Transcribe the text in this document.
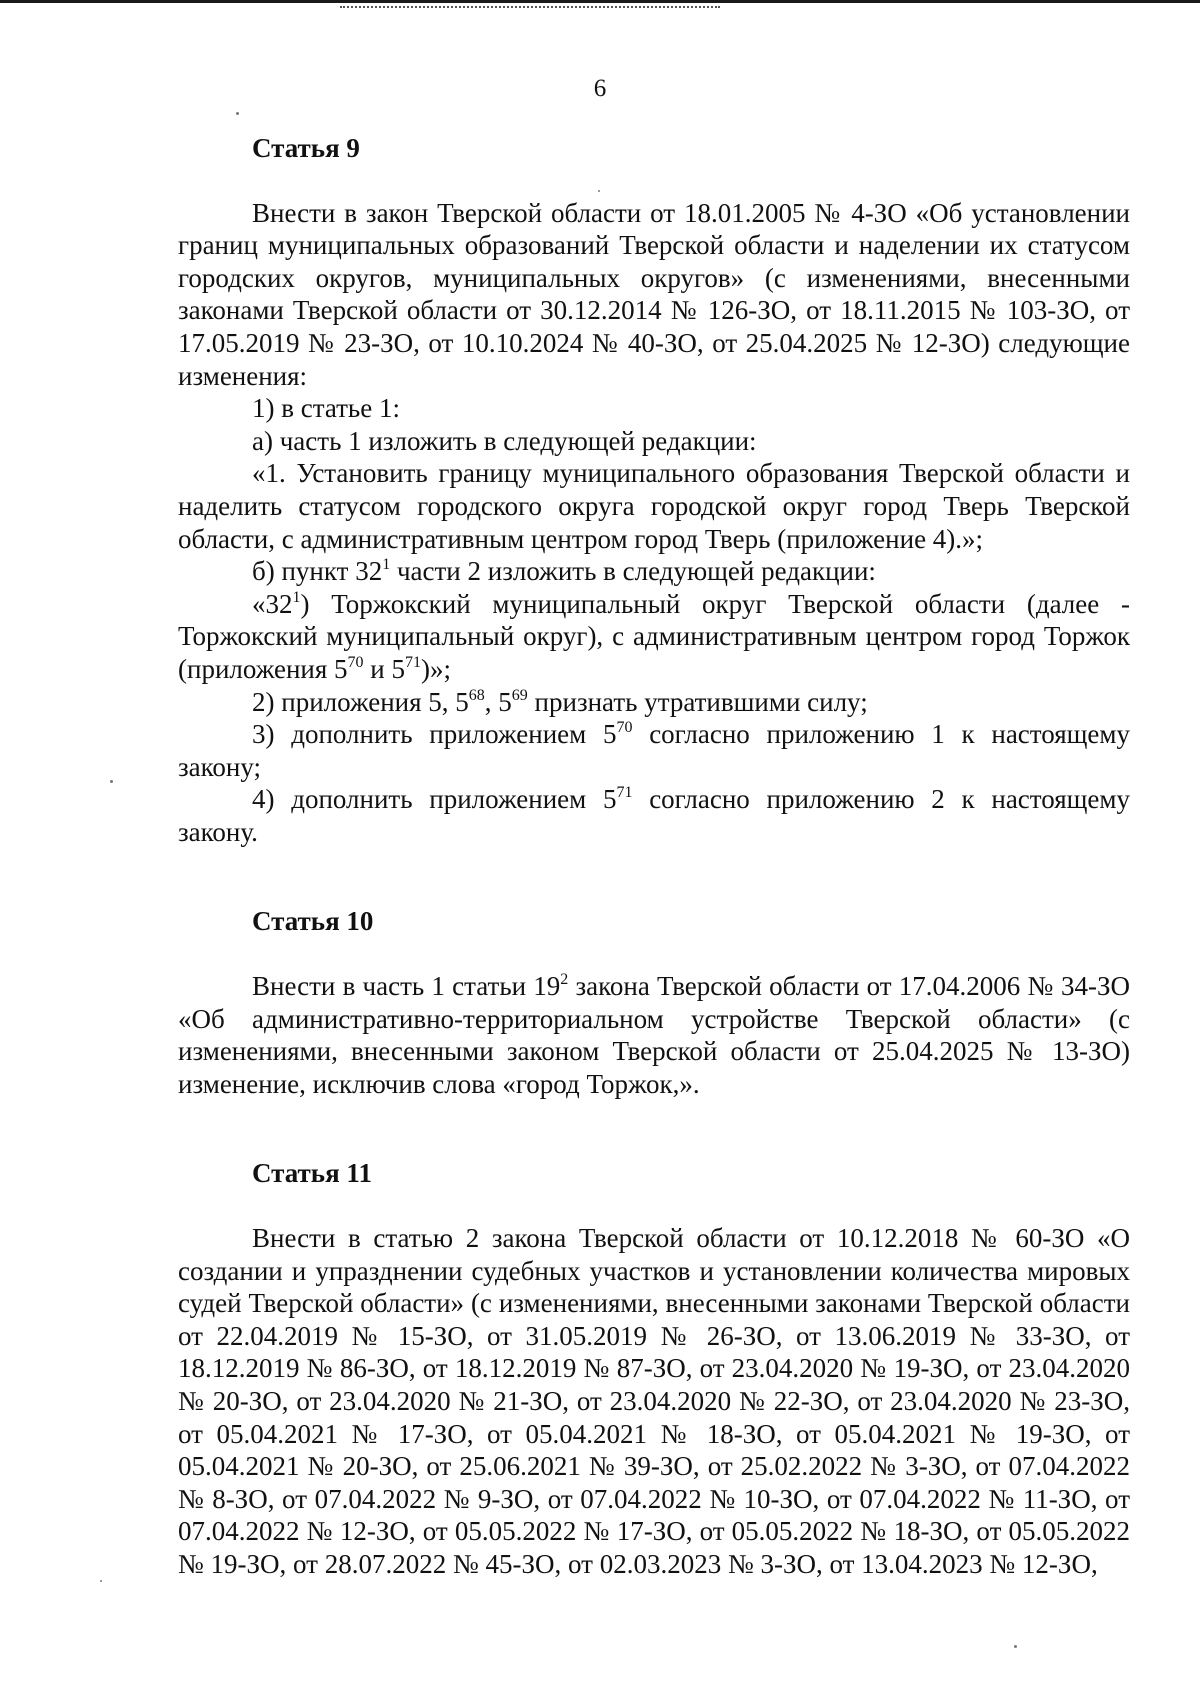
6

Статья 9

Внести в закон Тверской области от 18.01.2005 № 4-ЗО «Об установлении границ муниципальных образований Тверской области и наделении их статусом городских округов, муниципальных округов» (с изменениями, внесенными законами Тверской области от 30.12.2014 № 126-ЗО, от 18.11.2015 № 103-ЗО, от 17.05.2019 № 23-ЗО, от 10.10.2024 № 40-ЗО, от 25.04.2025 № 12-ЗО) следующие изменения:

1) в статье 1:

а) часть 1 изложить в следующей редакции:

«1. Установить границу муниципального образования Тверской области и наделить статусом городского округа городской округ город Тверь Тверской области, с административным центром город Тверь (приложение 4).»;

б) пункт $32^1$ части 2 изложить в следующей редакции:

«$32^1$) Торжокский муниципальный округ Тверской области (далее - Торжокский муниципальный округ), с административным центром город Торжок (приложения $5^{70}$ и $5^{71}$)»;

2) приложения 5, $5^{68}$, $5^{69}$ признать утратившими силу;

3) дополнить приложением $5^{70}$ согласно приложению 1 к настоящему закону;

4) дополнить приложением $5^{71}$ согласно приложению 2 к настоящему закону.

Статья 10

Внести в часть 1 статьи $19^2$ закона Тверской области от 17.04.2006 № 34-ЗО «Об административно-территориальном устройстве Тверской области» (с изменениями, внесенными законом Тверской области от 25.04.2025 № 13-ЗО) изменение, исключив слова «город Торжок,».

Статья 11

Внести в статью 2 закона Тверской области от 10.12.2018 № 60-ЗО «О создании и упразднении судебных участков и установлении количества мировых судей Тверской области» (с изменениями, внесенными законами Тверской области от 22.04.2019 № 15-ЗО, от 31.05.2019 № 26-ЗО, от 13.06.2019 № 33-ЗО, от 18.12.2019 № 86-ЗО, от 18.12.2019 № 87-ЗО, от 23.04.2020 № 19-ЗО, от 23.04.2020 № 20-ЗО, от 23.04.2020 № 21-ЗО, от 23.04.2020 № 22-ЗО, от 23.04.2020 № 23-ЗО, от 05.04.2021 № 17-ЗО, от 05.04.2021 № 18-ЗО, от 05.04.2021 № 19-ЗО, от 05.04.2021 № 20-ЗО, от 25.06.2021 № 39-ЗО, от 25.02.2022 № 3-ЗО, от 07.04.2022 № 8-ЗО, от 07.04.2022 № 9-ЗО, от 07.04.2022 № 10-ЗО, от 07.04.2022 № 11-ЗО, от 07.04.2022 № 12-ЗО, от 05.05.2022 № 17-ЗО, от 05.05.2022 № 18-ЗО, от 05.05.2022 № 19-ЗО, от 28.07.2022 № 45-ЗО, от 02.03.2023 № 3-ЗО, от 13.04.2023 № 12-ЗО,
